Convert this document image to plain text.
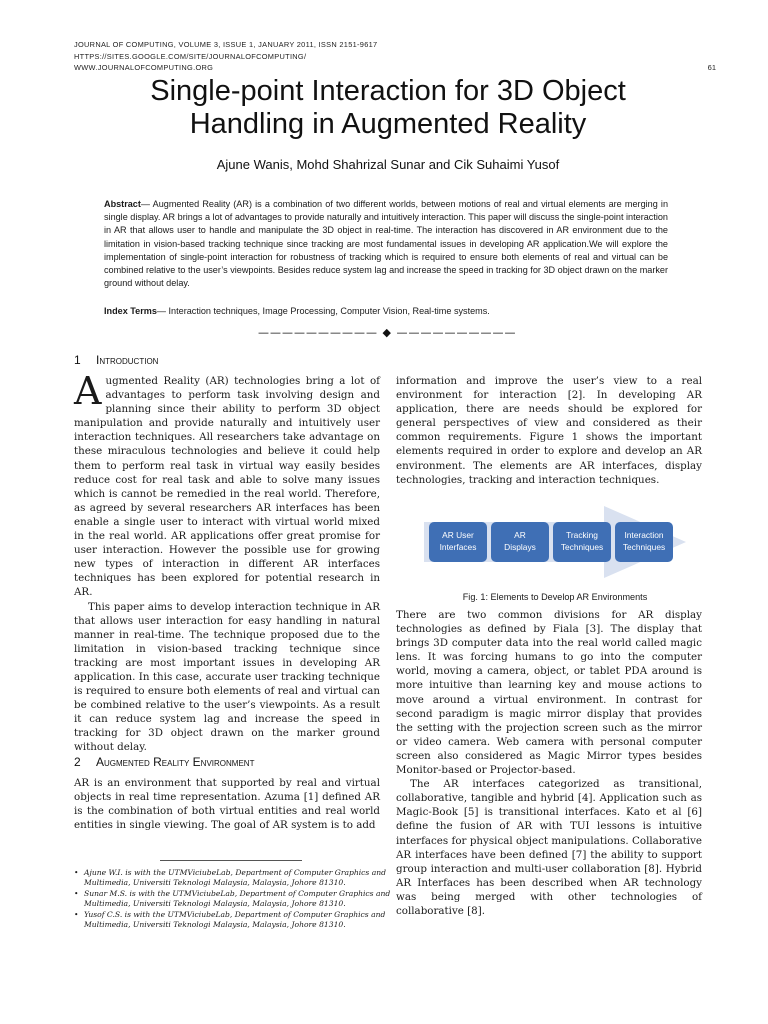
JOURNAL OF COMPUTING, VOLUME 3, ISSUE 1, JANUARY 2011, ISSN 2151-9617
HTTPS://SITES.GOOGLE.COM/SITE/JOURNALOFCOMPUTING/
WWW.JOURNALOFCOMPUTING.ORG	61
Single-point Interaction for 3D Object
Handling in Augmented Reality
Ajune Wanis, Mohd Shahrizal Sunar and Cik Suhaimi Yusof
Abstract— Augmented Reality (AR) is a combination of two different worlds, between motions of real and virtual elements are merging in single display. AR brings a lot of advantages to provide naturally and intuitively interaction. This paper will discuss the single-point interaction in AR that allows user to handle and manipulate the 3D object in real-time. The interaction has discovered in AR environment due to the limitation in vision-based tracking technique since tracking are most fundamental issues in developing AR application.We will explore the implementation of single-point interaction for robustness of tracking which is required to ensure both elements of real and virtual can be combined relative to the user’s viewpoints. Besides reduce system lag and increase the speed in tracking for 3D object drawn on the marker ground without delay.
Index Terms— Interaction techniques, Image Processing, Computer Vision, Real-time systems.
—————————— ◆ ——————————
1 Introduction

Augmented Reality (AR) technologies bring a lot of advantages to perform task involving design and planning since their ability to perform 3D object manipulation and provide naturally and intuitively user interaction techniques. All researchers take advantage on these miraculous technologies and believe it could help them to perform real task in virtual way easily besides reduce cost for real task and able to solve many issues which is cannot be remedied in the real world. Therefore, as agreed by several researchers AR interfaces has been enable a single user to interact with virtual world mixed in the real world. AR applications offer great promise for user interaction. However the possible use for growing new types of interaction in different AR interfaces techniques has been explored for potential research in AR.

This paper aims to develop interaction technique in AR that allows user interaction for easy handling in natural manner in real-time. The technique proposed due to the limitation in vision-based tracking technique since tracking are most important issues in developing AR application. In this case, accurate user tracking technique is required to ensure both elements of real and virtual can be combined relative to the user’s viewpoints. As a result it can reduce system lag and increase the speed in tracking for 3D object drawn on the marker ground without delay.

2 Augmented Reality Environment

AR is an environment that supported by real and virtual objects in real time representation. Azuma [1] defined AR is the combination of both virtual entities and real world entities in single viewing. The goal of AR system is to add

• Ajune W.I. is with the UTMViciubeLab, Department of Computer Graphics and Multimedia, Universiti Teknologi Malaysia, Malaysia, Johore 81310.
• Sunar M.S. is with the UTMViciubeLab, Department of Computer Graphics and Multimedia, Universiti Teknologi Malaysia, Malaysia, Johore 81310.
• Yusof C.S. is with the UTMViciubeLab, Department of Computer Graphics and Multimedia, Universiti Teknologi Malaysia, Malaysia, Johore 81310.

information and improve the user’s view to a real environment for interaction [2]. In developing AR application, there are needs should be explored for general perspectives of view and considered as their common requirements. Figure 1 shows the important elements required in order to explore and develop an AR environment. The elements are AR interfaces, display technologies, tracking and interaction techniques.

AR User
Interfaces
AR
Displays
Tracking
Techniques
Interaction
Techniques
Fig. 1: Elements to Develop AR Environments

There are two common divisions for AR display technologies as defined by Fiala [3]. The display that brings 3D computer data into the real world called magic lens. It was forcing humans to go into the computer world, moving a camera, object, or tablet PDA around is more intuitive than learning key and mouse actions to move around a virtual environment. In contrast for second paradigm is magic mirror display that provides the setting with the projection screen such as the mirror or video camera. Web camera with personal computer screen also considered as Magic Mirror types besides Monitor-based or Projector-based.

The AR interfaces categorized as transitional, collaborative, tangible and hybrid [4]. Application such as Magic-Book [5] is transitional interfaces. Kato et al [6] define the fusion of AR with TUI lessons is intuitive interfaces for physical object manipulations. Collaborative AR interfaces have been defined [7] the ability to support group interaction and multi-user collaboration [8]. Hybrid AR Interfaces has been described when AR technology was being merged with other technologies of collaborative [8].
